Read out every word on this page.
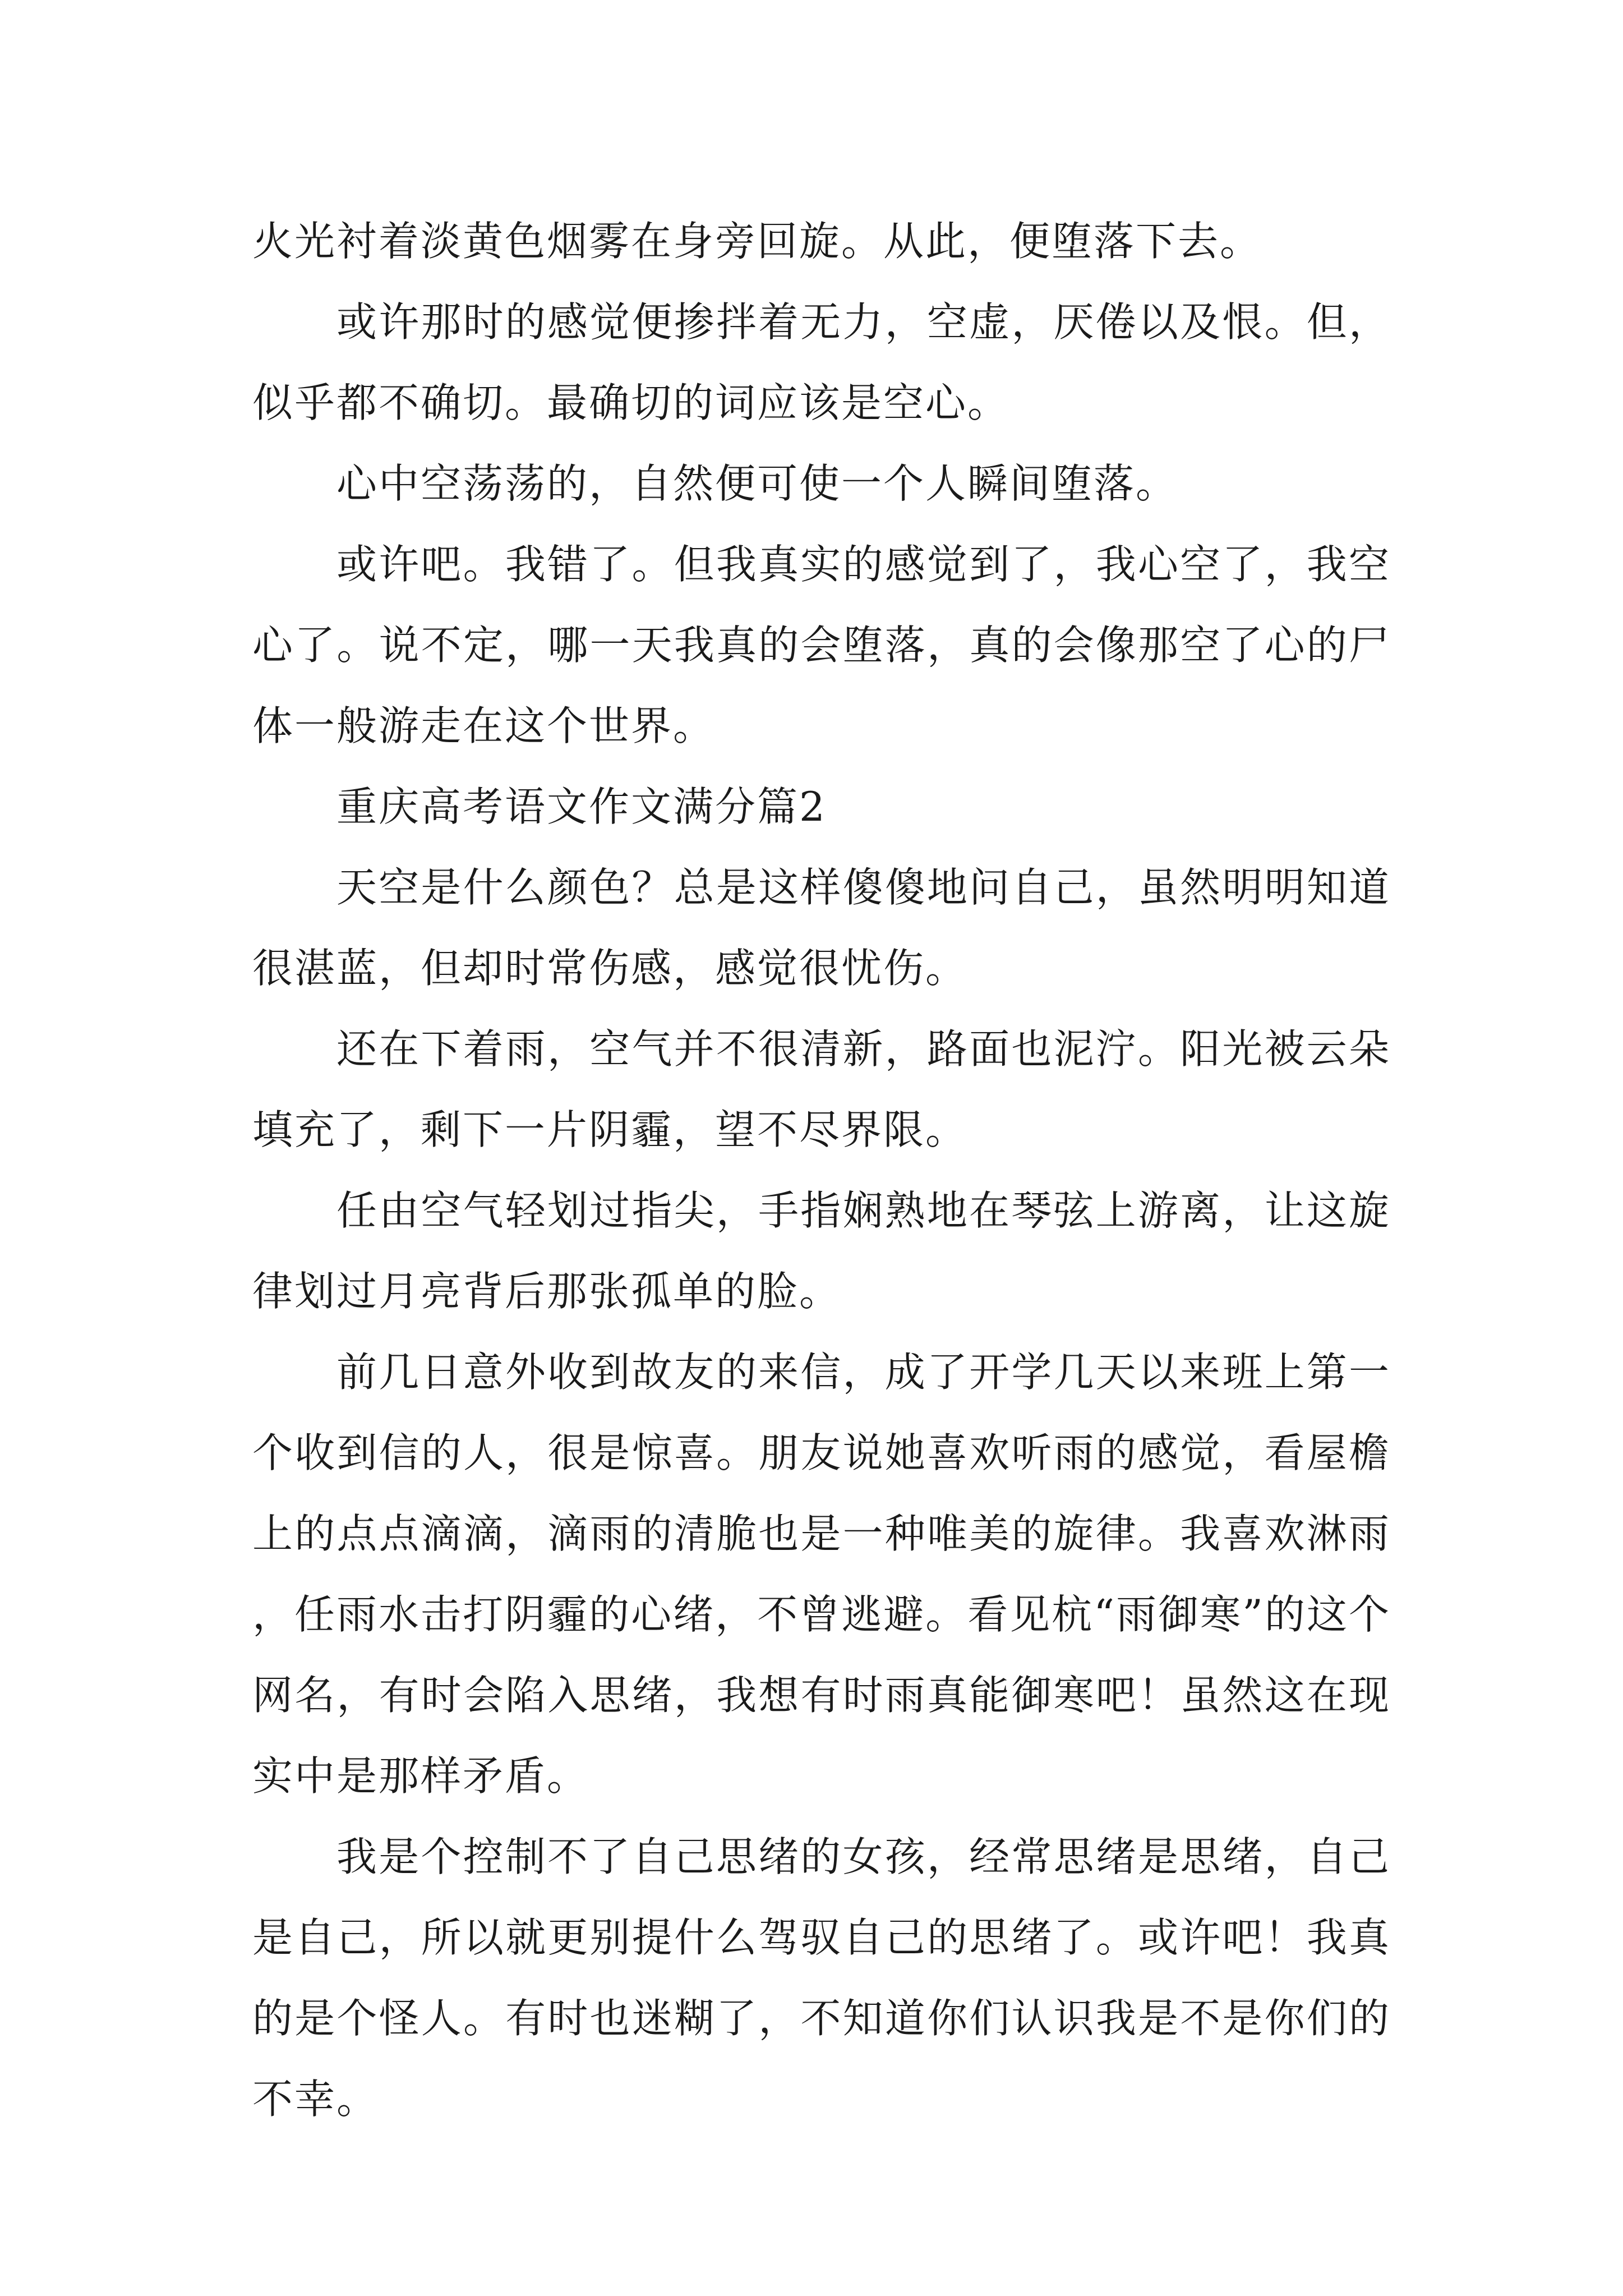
火光衬着淡黄色烟雾在身旁回旋。从此，便堕落下去。

或许那时的感觉便掺拌着无力，空虚，厌倦以及恨。但，似乎都不确切。最确切的词应该是空心。

心中空荡荡的，自然便可使一个人瞬间堕落。

或许吧。我错了。但我真实的感觉到了，我心空了，我空心了。说不定，哪一天我真的会堕落，真的会像那空了心的尸体一般游走在这个世界。

重庆高考语文作文满分篇2

天空是什么颜色？总是这样傻傻地问自己，虽然明明知道很湛蓝，但却时常伤感，感觉很忧伤。

还在下着雨，空气并不很清新，路面也泥泞。阳光被云朵填充了，剩下一片阴霾，望不尽界限。

任由空气轻划过指尖，手指娴熟地在琴弦上游离，让这旋律划过月亮背后那张孤单的脸。

前几日意外收到故友的来信，成了开学几天以来班上第一个收到信的人，很是惊喜。朋友说她喜欢听雨的感觉，看屋檐上的点点滴滴，滴雨的清脆也是一种唯美的旋律。我喜欢淋雨，任雨水击打阴霾的心绪，不曾逃避。看见杭“雨御寒”的这个网名，有时会陷入思绪，我想有时雨真能御寒吧！虽然这在现实中是那样矛盾。

我是个控制不了自己思绪的女孩，经常思绪是思绪，自己是自己，所以就更别提什么驾驭自己的思绪了。或许吧！我真的是个怪人。有时也迷糊了，不知道你们认识我是不是你们的不幸。
